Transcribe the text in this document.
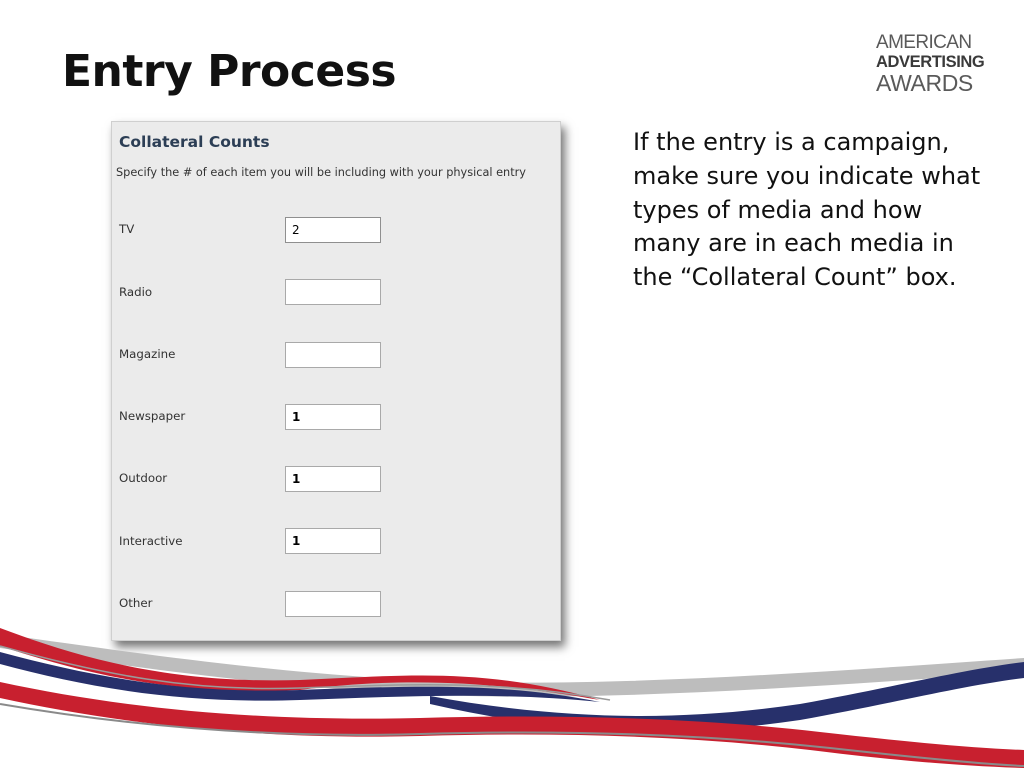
Entry Process
AMERICAN
ADVERTISING
AWARDS
Collateral Counts

Specify the # of each item you will be including with your physical entry

TV
2
Radio
Magazine
Newspaper
1
Outdoor
1
Interactive
1
Other

If the entry is a campaign, make sure you indicate what types of media and how many are in each media in the “Collateral Count” box.
